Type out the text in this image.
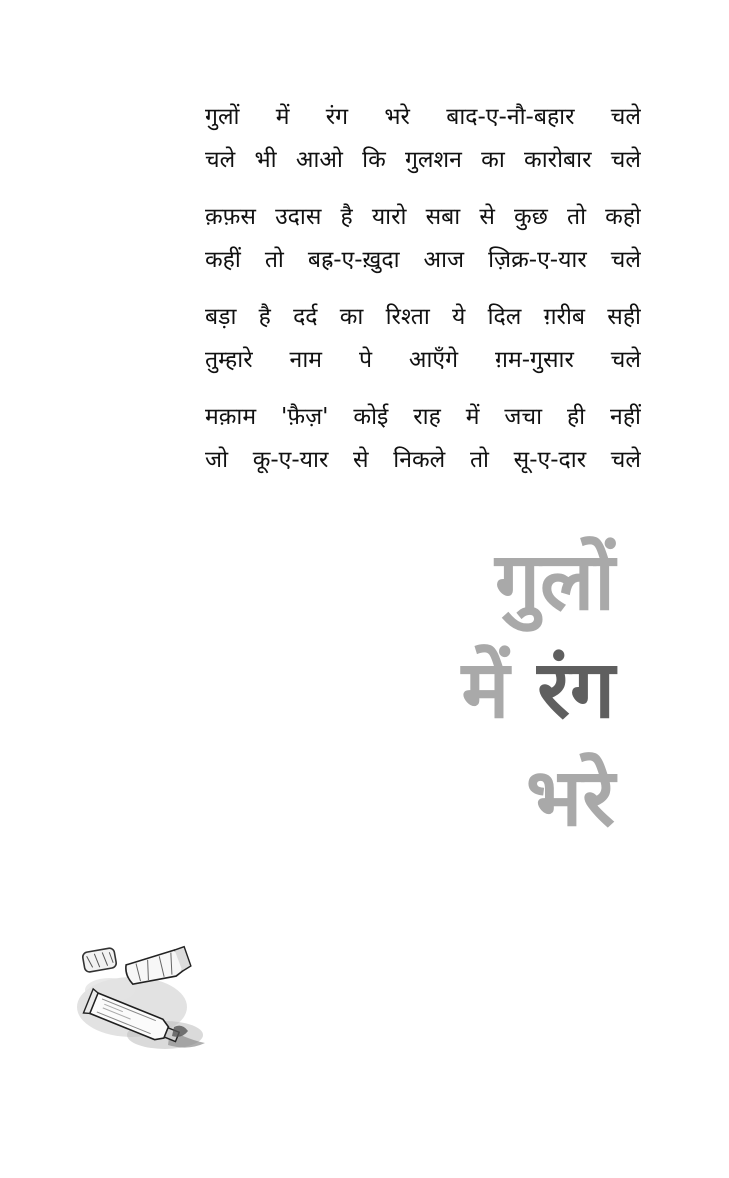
गुलों में रंग भरे बाद-ए-नौ-बहार चले
चले भी आओ कि गुलशन का कारोबार चले
क़फ़स उदास है यारो सबा से कुछ तो कहो
कहीं तो बह्र-ए-ख़ुदा आज ज़िक्र-ए-यार चले
बड़ा है दर्द का रिश्ता ये दिल ग़रीब सही
तुम्हारे नाम पे आएँगे ग़म-गुसार चले
मक़ाम 'फ़ैज़' कोई राह में जचा ही नहीं
जो कू-ए-यार से निकले तो सू-ए-दार चले
गुलों
में रंग
भरे
